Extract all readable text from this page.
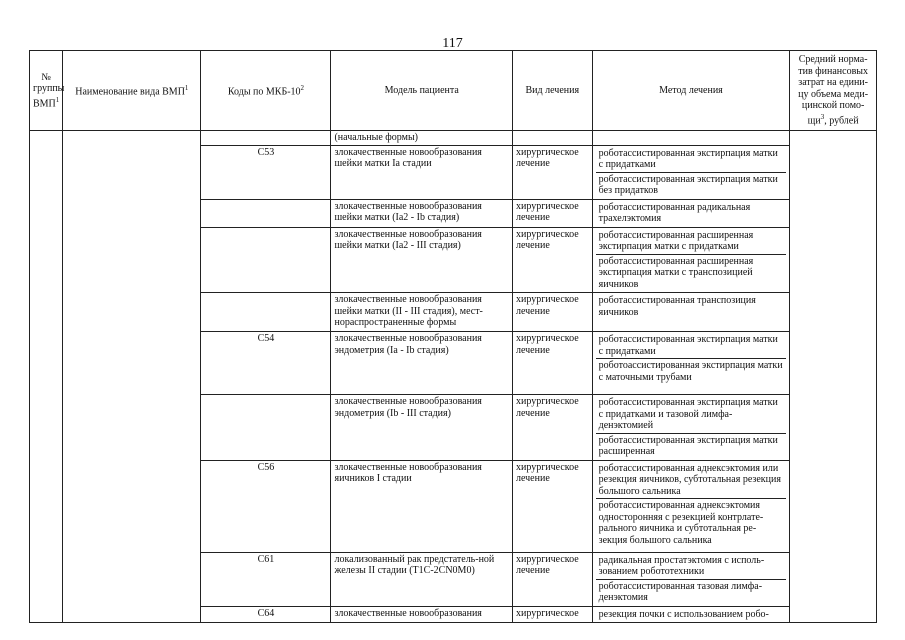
117
№ группы ВМП$^1$	Наименование вида ВМП$^1$	Коды по МКБ-$10^2$	Модель пациента	Вид лечения	Метод лечения	Средний норма-тив финансовых затрат на едини-цу объема меди-цинской помо-$щи^3$, рублей
			(начальные формы)			
		C53	злокачественные новообразования шейки матки Ia стадии	хирургическое лечение	роботассистированная экстирпация матки с придатками
роботассистированная экстирпация матки без придатков	

			злокачественные новообразования шейки матки (Ia2 - Ib стадия)	хирургическое лечение	роботассистированная радикальная трахелэктомия	

			злокачественные новообразования шейки матки (Ia2 - III стадия)	хирургическое лечение	роботассистированная расширенная экстирпация матки с придатками
роботассистированная расширенная экстирпация матки с транспозицией яичников	

			злокачественные новообразования шейки матки (II - III стадия), мест-нораспространенные формы	хирургическое лечение	роботассистированная транспозиция яичников	

		C54	злокачественные новообразования эндометрия (Ia - Ib стадия)	хирургическое лечение	роботассистированная экстирпация матки с придатками
роботоассистированная экстирпация матки с маточными трубами	

			злокачественные новообразования эндометрия (Ib - III стадия)	хирургическое лечение	роботассистированная экстирпация матки с придатками и тазовой лимфа-денэктомией
роботассистированная экстирпация матки расширенная	

		C56	злокачественные новообразования яичников I стадии	хирургическое лечение	роботассистированная аднексэктомия или резекция яичников, субтотальная резекция большого сальника
роботассистированная аднексэктомия односторонняя с резекцией контрлате-рального яичника и субтотальная ре-зекция большого сальника	

		C61	локализованный рак предстатель-ной железы II стадии (T1C-2CN0M0)	хирургическое лечение	радикальная простатэктомия с исполь-зованием робототехники
роботассистированная тазовая лимфа-денэктомия	

		C64	злокачественные новообразования	хирургическое	резекция почки с использованием робо-	
